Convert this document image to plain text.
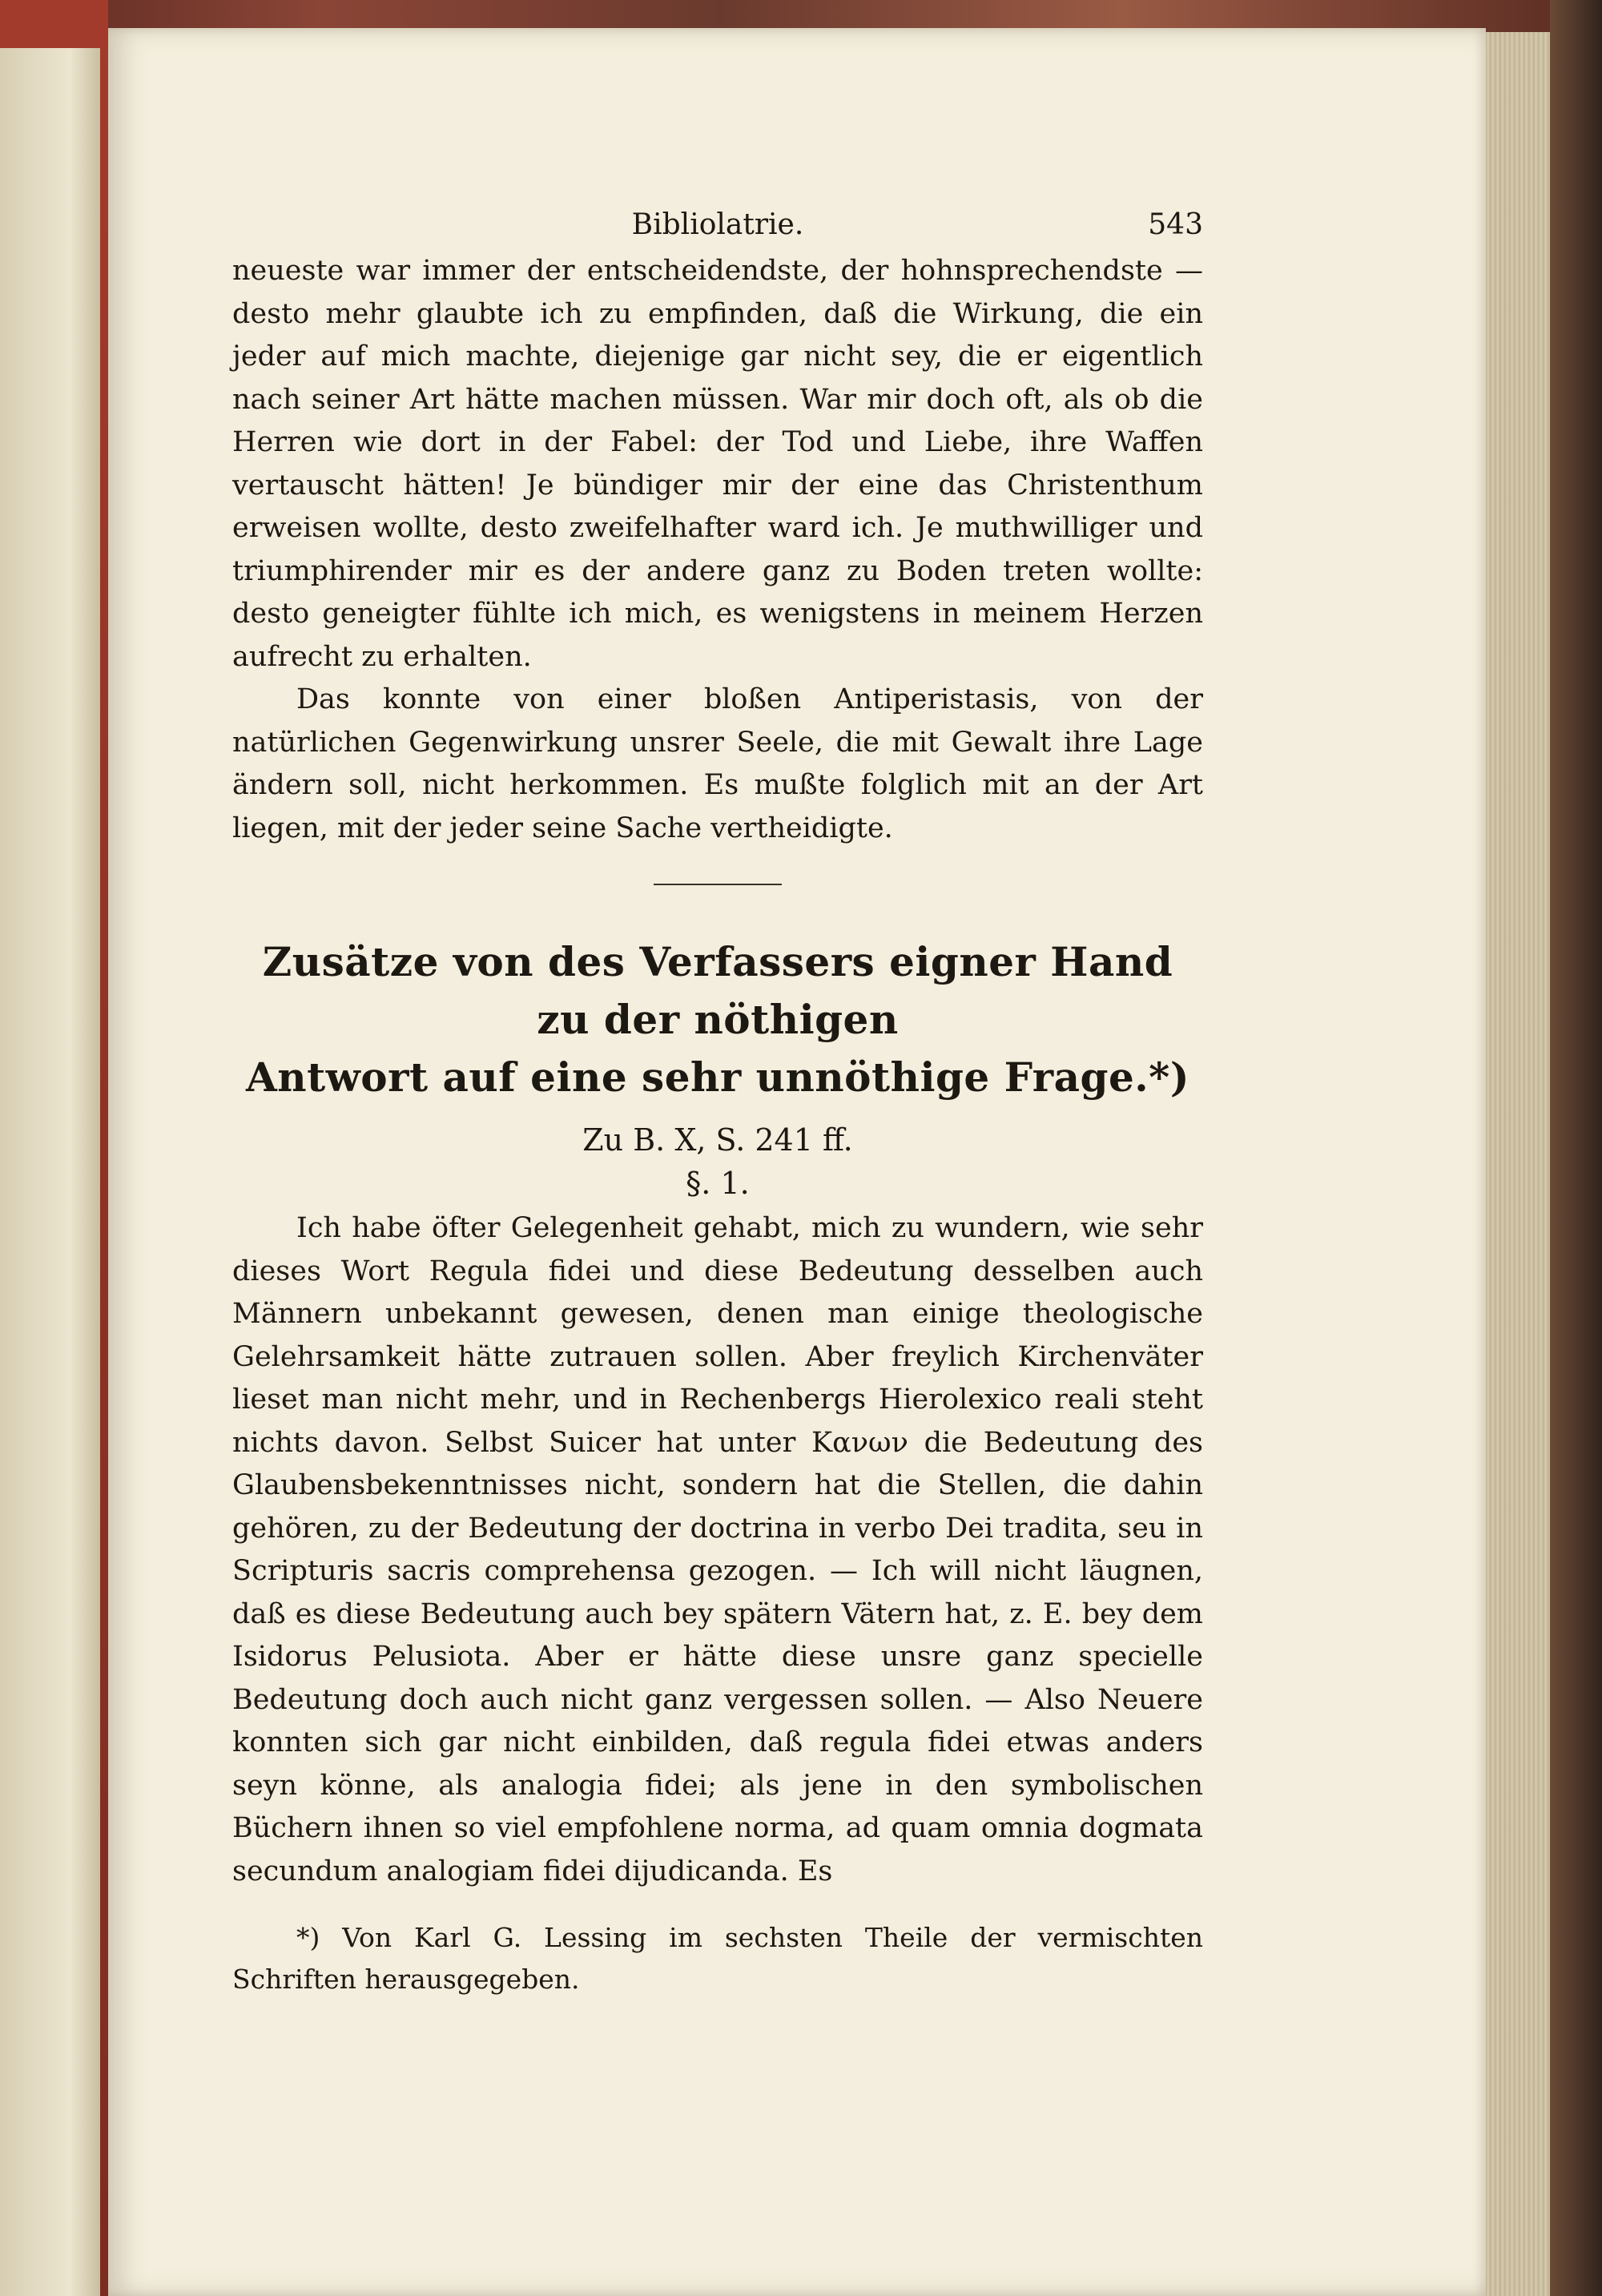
Bibliolatrie.	543

neueste war immer der entscheidendste, der hohnsprechendste — desto mehr glaubte ich zu empfinden, daß die Wirkung, die ein jeder auf mich machte, diejenige gar nicht sey, die er eigentlich nach seiner Art hätte machen müssen. War mir doch oft, als ob die Herren wie dort in der Fabel: der Tod und Liebe, ihre Waffen vertauscht hätten! Je bündiger mir der eine das Christenthum erweisen wollte, desto zweifelhafter ward ich. Je muthwilliger und triumphirender mir es der andere ganz zu Boden treten wollte: desto geneigter fühlte ich mich, es wenigstens in meinem Herzen aufrecht zu erhalten.

Das konnte von einer bloßen Antiperistasis, von der natürlichen Gegenwirkung unsrer Seele, die mit Gewalt ihre Lage ändern soll, nicht herkommen. Es mußte folglich mit an der Art liegen, mit der jeder seine Sache vertheidigte.

Zusätze von des Verfassers eigner Hand zu der nöthigen

Antwort auf eine sehr unnöthige Frage.*)

Zu B. X, S. 241 ff.

§. 1.

Ich habe öfter Gelegenheit gehabt, mich zu wundern, wie sehr dieses Wort Regula fidei und diese Bedeutung desselben auch Männern unbekannt gewesen, denen man einige theologische Gelehrsamkeit hätte zutrauen sollen. Aber freylich Kirchenväter lieset man nicht mehr, und in Rechenbergs Hierolexico reali steht nichts davon. Selbst Suicer hat unter Κανων die Bedeutung des Glaubensbekenntnisses nicht, sondern hat die Stellen, die dahin gehören, zu der Bedeutung der doctrina in verbo Dei tradita, seu in Scripturis sacris comprehensa gezogen. — Ich will nicht läugnen, daß es diese Bedeutung auch bey spätern Vätern hat, z. E. bey dem Isidorus Pelusiota. Aber er hätte diese unsre ganz specielle Bedeutung doch auch nicht ganz vergessen sollen. — Also Neuere konnten sich gar nicht einbilden, daß regula fidei etwas anders seyn könne, als analogia fidei; als jene in den symbolischen Büchern ihnen so viel empfohlene norma, ad quam omnia dogmata secundum analogiam fidei dijudicanda. Es

*) Von Karl G. Lessing im sechsten Theile der vermischten Schriften herausgegeben.
